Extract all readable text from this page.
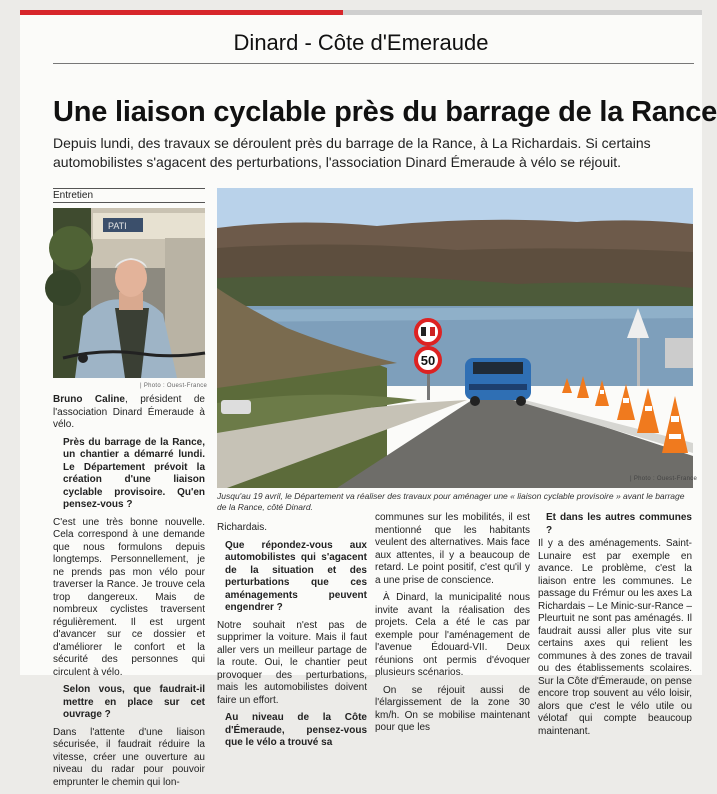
Dinard - Côte d'Emeraude
Une liaison cyclable près du barrage de la Rance
Depuis lundi, des travaux se déroulent près du barrage de la Rance, à La Richardais. Si certains automobilistes s'agacent des perturbations, l'association Dinard Émeraude à vélo se réjouit.
Entretien
PATI
| Photo : Ouest-France
50
| Photo : Ouest-France
Jusqu'au 19 avril, le Département va réaliser des travaux pour aménager une « liaison cyclable provisoire » avant le barrage de la Rance, côté Dinard.

Bruno Caline, président de l'association Dinard Émeraude à vélo.

Près du barrage de la Rance, un chantier a démarré lundi. Le Département prévoit la création d'une liaison cyclable provisoire. Qu'en pensez-vous ?

C'est une très bonne nouvelle. Cela correspond à une demande que nous formulons depuis longtemps. Personnellement, je ne prends pas mon vélo pour traverser la Rance. Je trouve cela trop dangereux. Mais de nombreux cyclistes traversent régulièrement. Il est urgent d'avancer sur ce dossier et d'améliorer le confort et la sécurité des personnes qui circulent à vélo.

Selon vous, que faudrait-il mettre en place sur cet ouvrage ?

Dans l'attente d'une liaison sécurisée, il faudrait réduire la vitesse, créer une ouverture au niveau du radar pour pouvoir emprunter le chemin qui lon-

Richardais.

Que répondez-vous aux automobilistes qui s'agacent de la situation et des perturbations que ces aménagements peuvent engendrer ?

Notre souhait n'est pas de supprimer la voiture. Mais il faut aller vers un meilleur partage de la route. Oui, le chantier peut provoquer des perturbations, mais les automobilistes doivent faire un effort.

Au niveau de la Côte d'Émeraude, pensez-vous que le vélo a trouvé sa

communes sur les mobilités, il est mentionné que les habitants veulent des alternatives. Mais face aux attentes, il y a beaucoup de retard. Le point positif, c'est qu'il y a une prise de conscience.

À Dinard, la municipalité nous invite avant la réalisation des projets. Cela a été le cas par exemple pour l'aménagement de l'avenue Édouard-VII. Deux réunions ont permis d'évoquer plusieurs scénarios.

On se réjouit aussi de l'élargissement de la zone 30 km/h. On se mobilise maintenant pour que les

Et dans les autres communes ?

Il y a des aménagements. Saint-Lunaire est par exemple en avance. Le problème, c'est la liaison entre les communes. Le passage du Frémur ou les axes La Richardais – Le Minic-sur-Rance – Pleurtuit ne sont pas aménagés. Il faudrait aussi aller plus vite sur certains axes qui relient les communes à des zones de travail ou des établissements scolaires. Sur la Côte d'Émeraude, on pense encore trop souvent au vélo loisir, alors que c'est le vélo utile ou vélotaf qui compte beaucoup maintenant.
